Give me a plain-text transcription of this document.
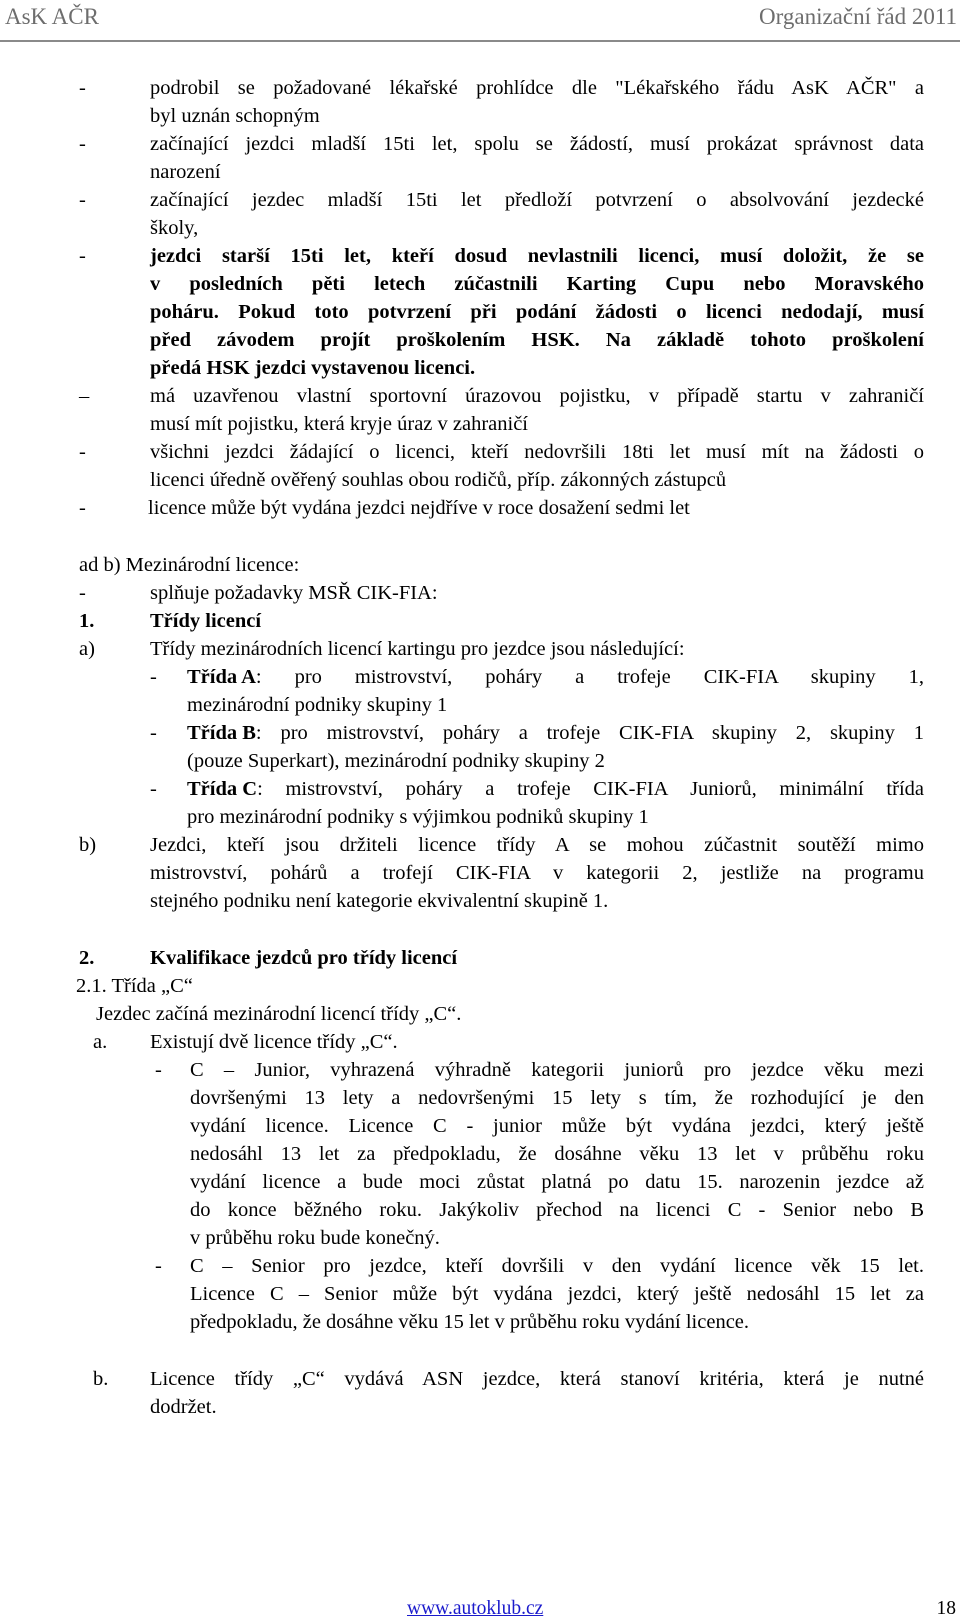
AsK AČR	Organizační řád 2011
-	podrobil se požadované lékařské prohlídce dle "Lékařského řádu AsK AČR" a
byl uznán schopným
-	začínající jezdci mladší 15ti let, spolu se žádostí, musí prokázat správnost data
narození
-	začínající jezdec mladší 15ti let předloží potvrzení o absolvování jezdecké
školy,
-	jezdci starší 15ti let, kteří dosud nevlastnili licenci, musí doložit, že se
v posledních pěti letech zúčastnili Karting Cupu nebo Moravského
poháru. Pokud toto potvrzení při podání žádosti o licenci nedodají, musí
před závodem projít proškolením HSK. Na základě tohoto proškolení
předá HSK jezdci vystavenou licenci.
–	má uzavřenou vlastní sportovní úrazovou pojistku, v případě startu v zahraničí
musí mít pojistku, která kryje úraz v zahraničí
-	všichni jezdci žádající o licenci, kteří nedovršili 18ti let musí mít na žádosti o
licenci úředně ověřený souhlas obou rodičů, příp. zákonných zástupců
-	licence může být vydána jezdci nejdříve v roce dosažení sedmi let
ad b) Mezinárodní licence:
-	splňuje požadavky MSŘ CIK-FIA:
1.	Třídy licencí
a)	Třídy mezinárodních licencí kartingu pro jezdce jsou následující:
- Třída A : pro mistrovství, poháry a trofeje CIK-FIA skupiny 1,
mezinárodní podniky skupiny 1
- Třída B : pro mistrovství, poháry a trofeje CIK-FIA skupiny 2, skupiny 1
(pouze Superkart), mezinárodní podniky skupiny 2
- Třída C : mistrovství, poháry a trofeje CIK-FIA Juniorů, minimální třída
pro mezinárodní podniky s výjimkou podniků skupiny 1
b)	Jezdci, kteří jsou držiteli licence třídy A se mohou zúčastnit soutěží mimo
mistrovství, pohárů a trofejí CIK-FIA v kategorii 2, jestliže na programu
stejného podniku není kategorie ekvivalentní skupině 1.
2.	Kvalifikace jezdců pro třídy licencí
2.1. Třída „C“
Jezdec začíná mezinárodní licencí třídy „C“.
a. Existují dvě licence třídy „C“.
- C – Junior, vyhrazená výhradně kategorii juniorů pro jezdce věku mezi
dovršenými 13 lety a nedovršenými 15 lety s tím, že rozhodující je den
vydání licence. Licence C - junior může být vydána jezdci, který ještě
nedosáhl 13 let za předpokladu, že dosáhne věku 13 let v průběhu roku
vydání licence a bude moci zůstat platná po datu 15. narozenin jezdce až
do konce běžného roku. Jakýkoliv přechod na licenci C - Senior nebo B
v průběhu roku bude konečný.
- C – Senior pro jezdce, kteří dovršili v den vydání licence věk 15 let.
Licence C – Senior může být vydána jezdci, který ještě nedosáhl 15 let za
předpokladu, že dosáhne věku 15 let v průběhu roku vydání licence.
b. Licence třídy „C“ vydává ASN jezdce, která stanoví kritéria, která je nutné
dodržet.
www.autoklub.cz	18
